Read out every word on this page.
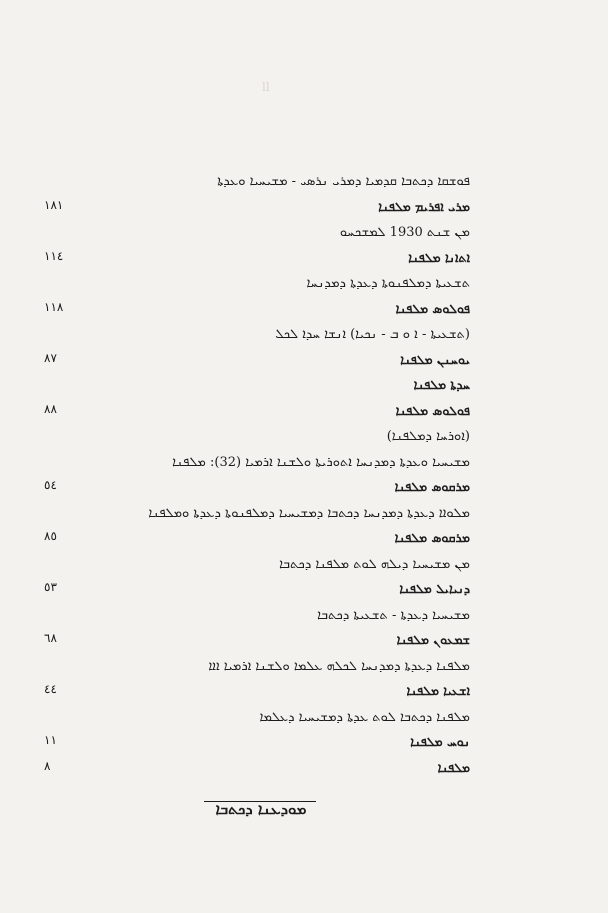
ll
ܦܘܫܩܐ ܕܟܬܒܐ ܩܕܡܝܐ ܕܡܪܝ ܢܪܣܝ - ܡܫܝܚܝܐ ܘܥܕܬܐ
ܡܪܝ ܐܦܪܝܡ ܡܠܦܢܐ
١٨١
ܡܢ ܫܢܬ 1930 ܠܡܫܟܚܘ
ܐܬܐܢܐ ܡܠܦܢܐ
١١٤
ܬܫܥܝܬܐ ܕܡܠܦܢܘܬܐ ܕܥܕܬܐ ܕܡܕܢܚܐ
ܦܘܠܘܣ ܡܠܦܢܐ
١١٨
(ܬܫܥܝܬܐ - ܐ ܘ ܒ - ܢܟܝܐ) ܐܢܫܐ ܚܕܐ ܠܟܠ
ܝܘܚܢܢ ܡܠܦܢܐ
٨٧
ܚܕܬܐ ܡܠܦܢܐ
ܦܘܠܘܣ ܡܠܦܢܐ
٨٨
(ܐܘܪܚܐ ܕܡܠܦܢܐ)
ܡܫܝܚܝܐ ܘܥܕܬܐ ܕܡܕܢܚܐ ܐܬܘܪܝܬܐ ܘܠܫܢܐ ܐܪܡܝܐ (32): ܡܠܦܢܐ
ܡܪܩܘܣ ܡܠܦܢܐ
٥٤
ܡܠܘܐܐ ܕܥܕܬܐ ܕܡܕܢܚܐ ܕܟܬܒܐ ܕܡܫܝܚܝܐ ܕܡܠܦܢܘܬܐ ܕܥܕܬܐ ܘܡܠܦܢܐ
ܡܪܩܘܣ ܡܠܦܢܐ
٨٥
ܡܢ ܡܫܝܚܝܐ ܕܝܠܗ ܠܘܬ ܡܠܦܢܐ ܕܟܬܒܐ
ܕܢܝܐܝܠ ܡܠܦܢܐ
٥٣
ܡܫܝܚܝܐ ܕܥܕܬܐ - ܬܫܥܝܬܐ ܕܟܬܒܐ
ܫܡܥܘܢ ܡܠܦܢܐ
٦٨
ܡܠܦܢܐ ܕܥܕܬܐ ܕܡܕܢܚܐ ܠܟܠܗ ܥܠܡܐ ܘܠܫܢܐ ܐܪܡܝܐ ܐܐܐ
ܐܫܥܝܐ ܡܠܦܢܐ
٤٤
ܡܠܦܢܐ ܕܟܬܒܐ ܠܘܬ ܥܕܬܐ ܕܡܫܝܚܝܐ ܕܥܠܡܐ
ܢܘܚ ܡܠܦܢܐ
١١
ܡܠܦܢܐ
٨
ܡܘܕܥܢܐ ܕܟܬܒܐ
